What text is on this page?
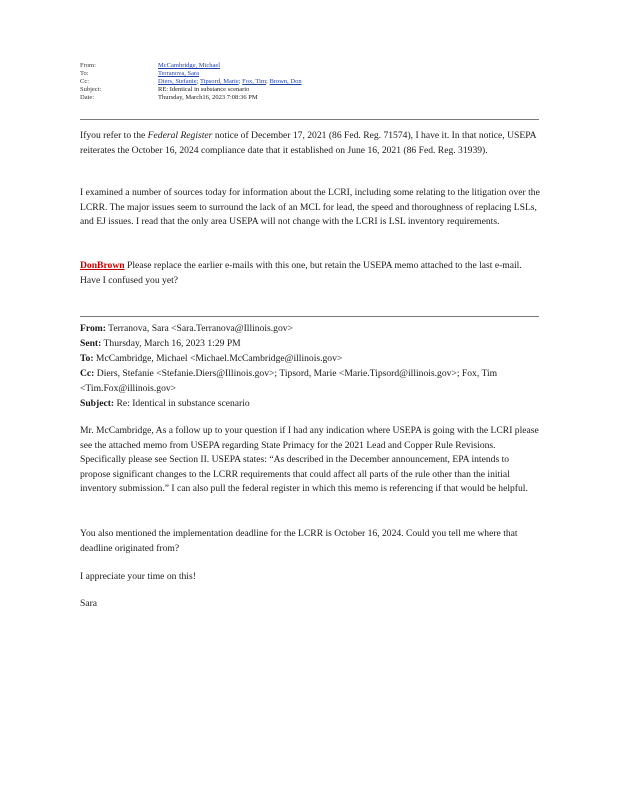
From:	McCambridge, Michael
To:	Terranova, Sara
Cc:	Diers, Stefanie; Tipsord, Marie; Fox, Tim; Brown, Don
Subject:	RE: Identical in substance scenario
Date:	Thursday, March16, 2023 7:08:36 PM
Ifyou refer to the Federal Register notice of December 17, 2021 (86 Fed. Reg. 71574), I have it. In that notice, USEPA reiterates the October 16, 2024 compliance date that it established on June 16, 2021 (86 Fed. Reg. 31939).
I examined a number of sources today for information about the LCRI, including some relating to the litigation over the LCRR. The major issues seem to surround the lack of an MCL for lead, the speed and thoroughness of replacing LSLs, and EJ issues. I read that the only area USEPA will not change with the LCRI is LSL inventory requirements.
DonBrown Please replace the earlier e-mails with this one, but retain the USEPA memo attached to the last e-mail. Have I confused you yet?
From: Terranova, Sara <Sara.Terranova@Illinois.gov>
Sent: Thursday, March 16, 2023 1:29 PM
To: McCambridge, Michael <Michael.McCambridge@illinois.gov>
Cc: Diers, Stefanie <Stefanie.Diers@Illinois.gov>; Tipsord, Marie <Marie.Tipsord@illinois.gov>; Fox, Tim <Tim.Fox@illinois.gov>
Subject: Re: Identical in substance scenario
Mr. McCambridge, As a follow up to your question if I had any indication where USEPA is going with the LCRI please see the attached memo from USEPA regarding State Primacy for the 2021 Lead and Copper Rule Revisions. Specifically please see Section II. USEPA states: “As described in the December announcement, EPA intends to propose significant changes to the LCRR requirements that could affect all parts of the rule other than the initial inventory submission.” I can also pull the federal register in which this memo is referencing if that would be helpful.
You also mentioned the implementation deadline for the LCRR is October 16, 2024. Could you tell me where that deadline originated from?
I appreciate your time on this!
Sara
